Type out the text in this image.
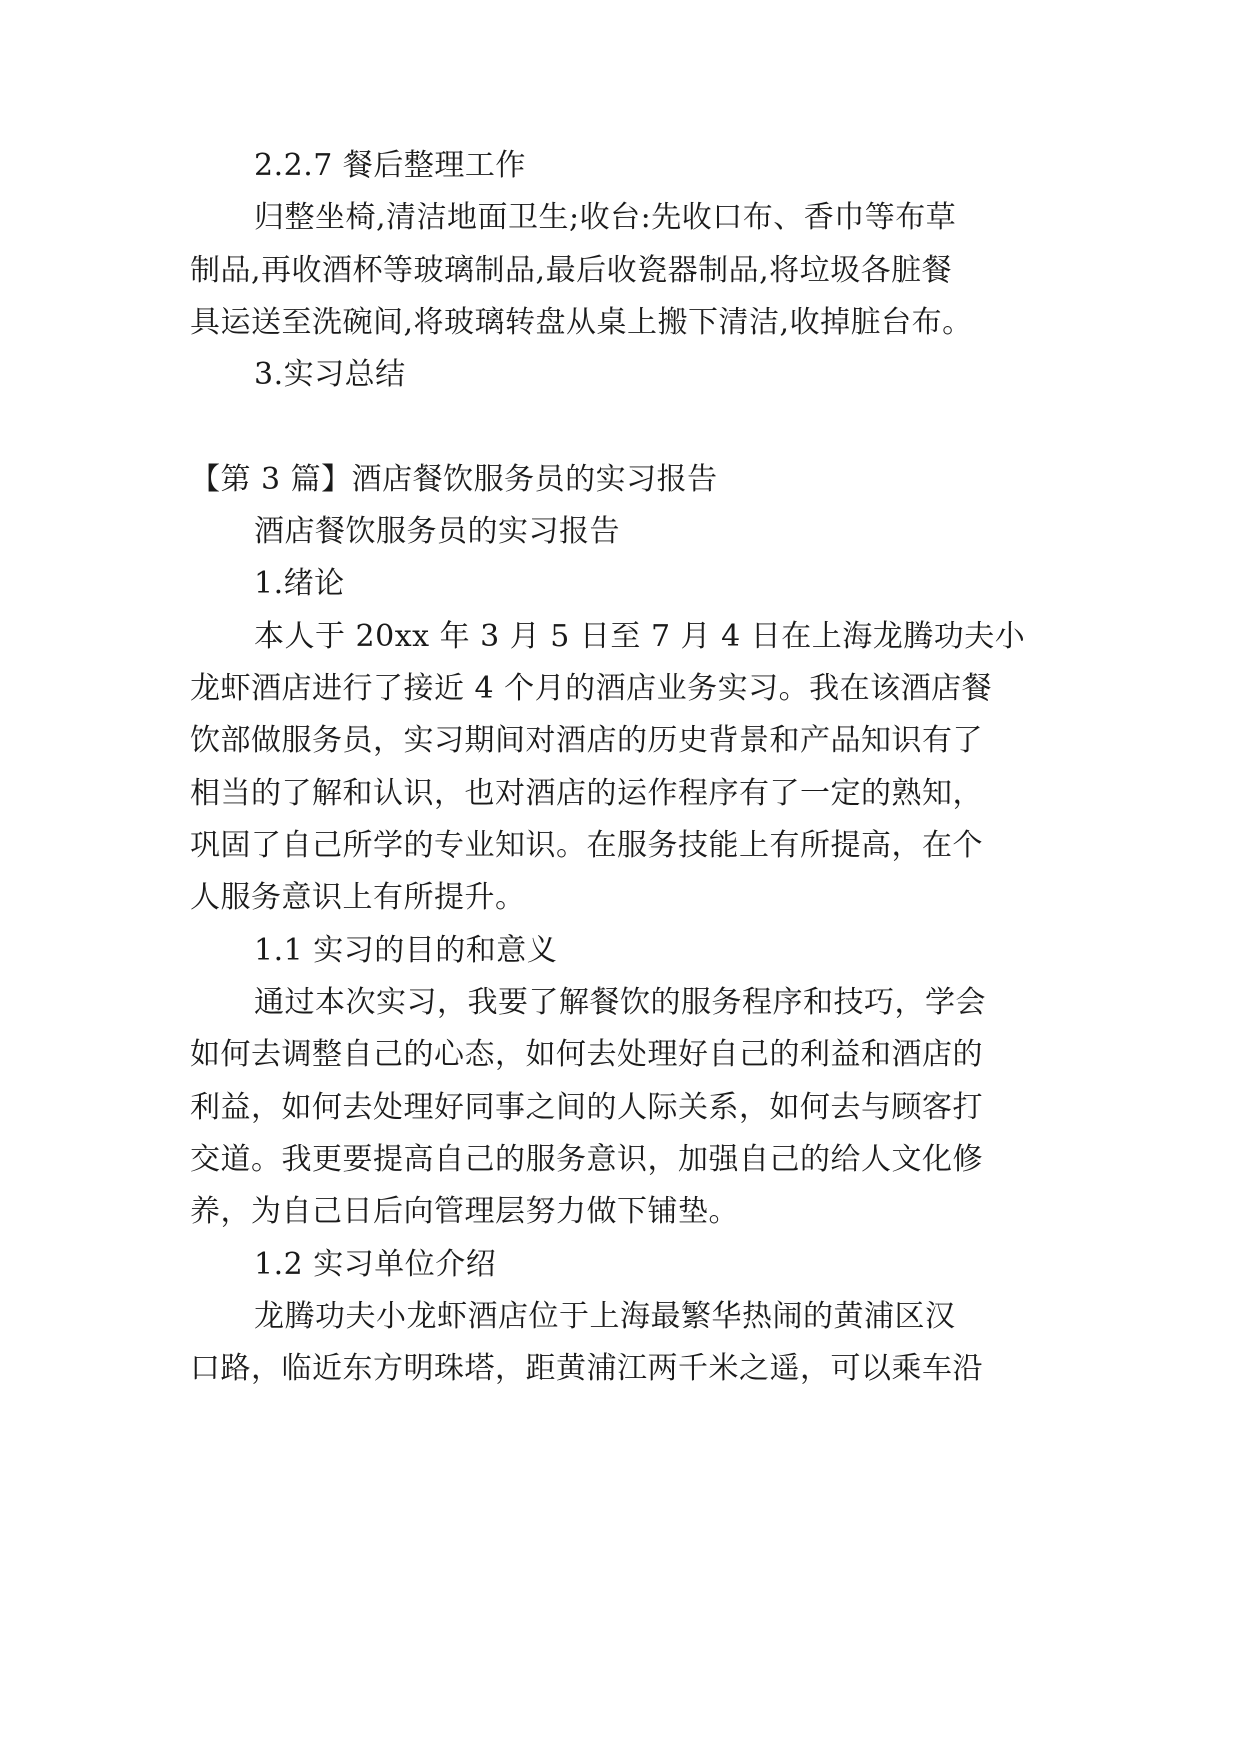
2.2.7 餐后整理工作
归整坐椅,清洁地面卫生;收台:先收口布、香巾等布草
制品,再收酒杯等玻璃制品,最后收瓷器制品,将垃圾各脏餐
具运送至洗碗间,将玻璃转盘从桌上搬下清洁,收掉脏台布。
3.实习总结
【第 3 篇】酒店餐饮服务员的实习报告
酒店餐饮服务员的实习报告
1.绪论
本人于 20xx 年 3 月 5 日至 7 月 4 日在上海龙腾功夫小
龙虾酒店进行了接近 4 个月的酒店业务实习。我在该酒店餐
饮部做服务员，实习期间对酒店的历史背景和产品知识有了
相当的了解和认识，也对酒店的运作程序有了一定的熟知，
巩固了自己所学的专业知识。在服务技能上有所提高，在个
人服务意识上有所提升。
1.1 实习的目的和意义
通过本次实习，我要了解餐饮的服务程序和技巧，学会
如何去调整自己的心态，如何去处理好自己的利益和酒店的
利益，如何去处理好同事之间的人际关系，如何去与顾客打
交道。我更要提高自己的服务意识，加强自己的给人文化修
养，为自己日后向管理层努力做下铺垫。
1.2 实习单位介绍
龙腾功夫小龙虾酒店位于上海最繁华热闹的黄浦区汉
口路，临近东方明珠塔，距黄浦江两千米之遥，可以乘车沿
